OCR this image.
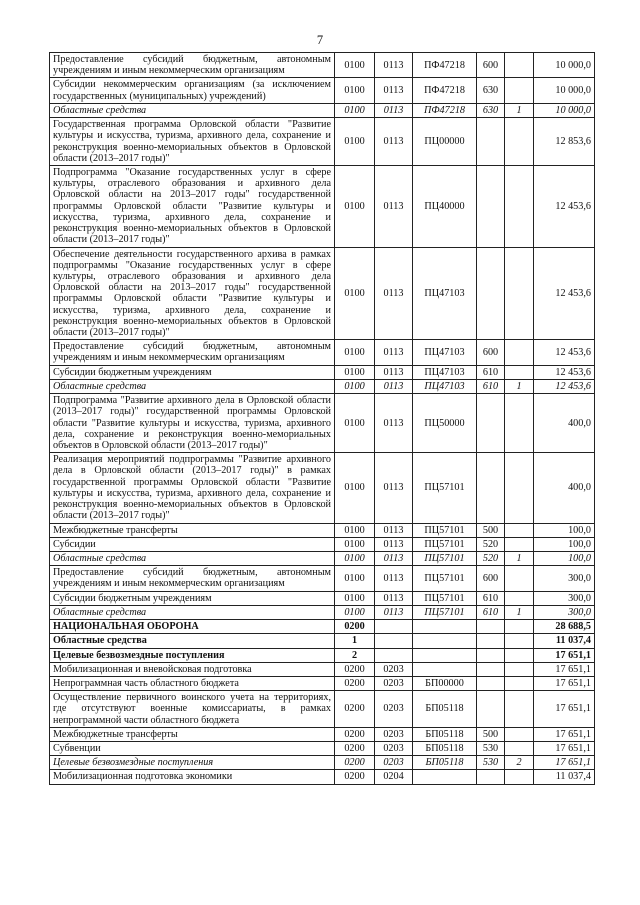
7
Предоставление субсидий бюджетным, автономным учреждениям и иным некоммерческим организациям	0100	0113	ПФ47218	600		10 000,0
Субсидии некоммерческим организациям (за исключением государственных (муниципальных) учреждений)	0100	0113	ПФ47218	630		10 000,0
Областные средства	0100	0113	ПФ47218	630	1	10 000,0
Государственная программа Орловской области "Развитие культуры и искусства, туризма, архивного дела, сохранение и реконструкция военно-мемориальных объектов в Орловской области (2013–2017 годы)"	0100	0113	ПЦ00000			12 853,6
Подпрограмма "Оказание государственных услуг в сфере культуры, отраслевого образования и архивного дела Орловской области на 2013–2017 годы" государственной программы Орловской области "Развитие культуры и искусства, туризма, архивного дела, сохранение и реконструкция военно-мемориальных объектов в Орловской области (2013–2017 годы)"	0100	0113	ПЦ40000			12 453,6
Обеспечение деятельности государственного архива в рамках подпрограммы "Оказание государственных услуг в сфере культуры, отраслевого образования и архивного дела Орловской области на 2013–2017 годы" государственной программы Орловской области "Развитие культуры и искусства, туризма, архивного дела, сохранение и реконструкция военно-мемориальных объектов в Орловской области (2013–2017 годы)"	0100	0113	ПЦ47103			12 453,6
Предоставление субсидий бюджетным, автономным учреждениям и иным некоммерческим организациям	0100	0113	ПЦ47103	600		12 453,6
Субсидии бюджетным учреждениям	0100	0113	ПЦ47103	610		12 453,6
Областные средства	0100	0113	ПЦ47103	610	1	12 453,6
Подпрограмма "Развитие архивного дела в Орловской области (2013–2017 годы)" государственной программы Орловской области "Развитие культуры и искусства, туризма, архивного дела, сохранение и реконструкция военно-мемориальных объектов в Орловской области (2013–2017 годы)"	0100	0113	ПЦ50000			400,0
Реализация мероприятий подпрограммы "Развитие архивного дела в Орловской области (2013–2017 годы)" в рамках государственной программы Орловской области "Развитие культуры и искусства, туризма, архивного дела, сохранение и реконструкция военно-мемориальных объектов в Орловской области (2013–2017 годы)"	0100	0113	ПЦ57101			400,0
Межбюджетные трансферты	0100	0113	ПЦ57101	500		100,0
Субсидии	0100	0113	ПЦ57101	520		100,0
Областные средства	0100	0113	ПЦ57101	520	1	100,0
Предоставление субсидий бюджетным, автономным учреждениям и иным некоммерческим организациям	0100	0113	ПЦ57101	600		300,0
Субсидии бюджетным учреждениям	0100	0113	ПЦ57101	610		300,0
Областные средства	0100	0113	ПЦ57101	610	1	300,0
НАЦИОНАЛЬНАЯ ОБОРОНА	0200					28 688,5
Областные средства	1					11 037,4
Целевые безвозмездные поступления	2					17 651,1
Мобилизационная и вневойсковая подготовка	0200	0203				17 651,1
Непрограммная часть областного бюджета	0200	0203	БП00000			17 651,1
Осуществление первичного воинского учета на территориях, где отсутствуют военные комиссариаты, в рамках непрограммной части областного бюджета	0200	0203	БП05118			17 651,1
Межбюджетные трансферты	0200	0203	БП05118	500		17 651,1
Субвенции	0200	0203	БП05118	530		17 651,1
Целевые безвозмездные поступления	0200	0203	БП05118	530	2	17 651,1
Мобилизационная подготовка экономики	0200	0204				11 037,4
